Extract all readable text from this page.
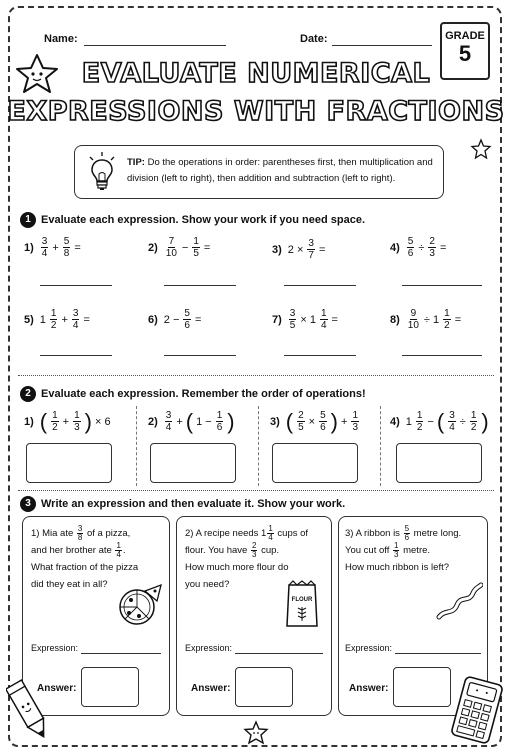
Name:	Date:	GRADE
5
EVALUATE NUMERICAL
EXPRESSIONS WITH FRACTIONS
TIP: Do the operations in order: parentheses first, then multiplication and division (left to right), then addition and subtraction (left to right).
1 Evaluate each expression. Show your work if you need space.
$1) \frac{3}{4} + \frac{5}{8}$ =	$2) \frac{7}{10} - \frac{1}{5}$ =	3) $2 \times \frac{3}{7}$ =	$4) \frac{5}{6} \div \frac{2}{3}$ =
5) $1 \frac{1}{2} + \frac{3}{4}$ =	6) $2 - \frac{5}{6}$ =	$7) \frac{3}{5} \times 1 \frac{1}{4}$ =	$8) \frac{9}{10} \div 1 \frac{1}{2}$ =
2 Evaluate each expression. Remember the order of operations!
1) ( $\frac{1}{2} + \frac{1}{3}$ ) × 6	$2) \frac{3}{4}$ + ( $1 - \frac{1}{6}$ )	3) ( $\frac{2}{5} \times \frac{5}{6}$ ) + $\frac{1}{3}$	4) $1 \frac{1}{2}$ − ( $\frac{3}{4} \div \frac{1}{2}$ )
3 Write an expression and then evaluate it. Show your work.
1) Mia ate $\frac{3}{8}$ of a pizza,
and her brother ate $\frac{1}{4}$ .
What fraction of the pizza
did they eat in all?
Expression:
Answer:
2) A recipe needs $1 \frac{1}{4}$ cups of
flour. You have $\frac{2}{3}$ cup.
How much more flour do
you need?
FLOUR
Expression:
Answer:
3) A ribbon is $\frac{5}{6}$ metre long.
You cut off $\frac{1}{3}$ metre.
How much ribbon is left?
Expression:
Answer:
